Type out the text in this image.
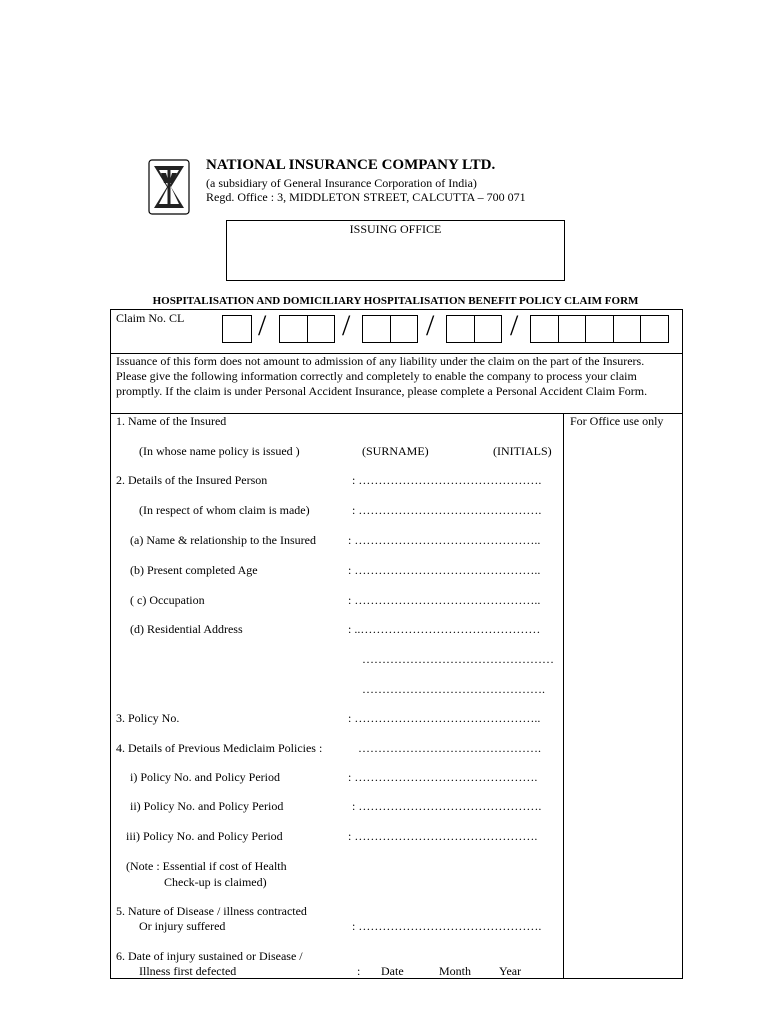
NATIONAL INSURANCE COMPANY LTD.
(a subsidiary of General Insurance Corporation of India)
Regd. Office : 3, MIDDLETON STREET, CALCUTTA – 700 071
ISSUING OFFICE
HOSPITALISATION AND DOMICILIARY HOSPITALISATION BENEFIT POLICY CLAIM FORM
Claim No. CL /	/	/	/
Issuance of this form does not amount to admission of any liability under the claim on the part of the Insurers. Please give the following information correctly and completely to enable the company to process your claim promptly. If the claim is under Personal Accident Insurance, please complete a Personal Accident Claim Form.
For Office use only
1. Name of the Insured
(In whose name policy is issued )	(SURNAME)	(INITIALS)
2. Details of the Insured Person	: ……………………………………….
(In respect of whom claim is made)	: ……………………………………….
(a) Name & relationship to the Insured	: ………………………………………..
(b) Present completed Age	: ………………………………………..
( c) Occupation	: ………………………………………..
(d) Residential Address	: ..………………………………………
…………………………………………
……………………………………….
3. Policy No.	: ………………………………………..
4. Details of Previous Mediclaim Policies :	……………………………………….
i) Policy No. and Policy Period	: ……………………………………….
ii) Policy No. and Policy Period	: ……………………………………….
iii) Policy No. and Policy Period	: ……………………………………….
(Note : Essential if cost of Health
Check-up is claimed)
5. Nature of Disease / illness contracted
Or injury suffered	: ……………………………………….
6. Date of injury sustained or Disease /
Illness first defected	: Date	Month Year
